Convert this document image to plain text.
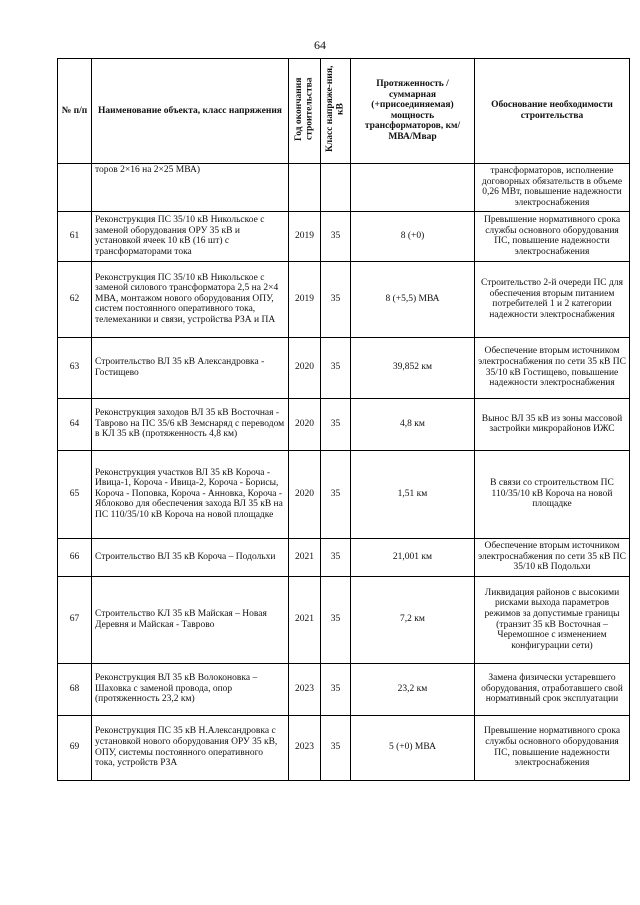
64
№ п/п	Наименование объекта, класс напряжения	Год окончания строительства	Класс напряже-ния, кВ	Протяженность / суммарная (+присоединяемая) мощность трансформаторов, км/МВА/Мвар	Обоснование необходимости строительства
	торов 2×16 на 2×25 МВА)				трансформаторов, исполнение договорных обязательств в объеме 0,26 МВт, повышение надежности электроснабжения
61	Реконструкция ПС 35/10 кВ Никольское с заменой оборудования ОРУ 35 кВ и установкой ячеек 10 кВ (16 шт) с трансформаторами тока	2019	35	8 (+0)	Превышение нормативного срока службы основного оборудования ПС, повышение надежности электроснабжения
62	Реконструкция ПС 35/10 кВ Никольское с заменой силового трансформатора 2,5 на 2×4 МВА, монтажом нового оборудования ОПУ, систем постоянного оперативного тока, телемеханики и связи, устройства РЗА и ПА	2019	35	8 (+5,5) МВА	Строительство 2-й очереди ПС для обеспечения вторым питанием потребителей 1 и 2 категории надежности электроснабжения
63	Строительство ВЛ 35 кВ Александровка - Гостищево	2020	35	39,852 км	Обеспечение вторым источником электроснабжения по сети 35 кВ ПС 35/10 кВ Гостищево, повышение надежности электроснабжения
64	Реконструкция заходов ВЛ 35 кВ Восточная - Таврово на ПС 35/6 кВ Земснаряд с переводом в КЛ 35 кВ (протяженность 4,8 км)	2020	35	4,8 км	Вынос ВЛ 35 кВ из зоны массовой застройки микрорайонов ИЖС
65	Реконструкция участков ВЛ 35 кВ Короча - Ивица-1, Короча - Ивица-2, Короча - Борисы, Короча - Поповка, Короча - Анновка, Короча - Яблоково для обеспечения захода ВЛ 35 кВ на ПС 110/35/10 кВ Короча на новой площадке	2020	35	1,51 км	В связи со строительством ПС 110/35/10 кВ Короча на новой площадке
66	Строительство ВЛ 35 кВ Короча – Подольхи	2021	35	21,001 км	Обеспечение вторым источником электроснабжения по сети 35 кВ ПС 35/10 кВ Подольхи
67	Строительство КЛ 35 кВ Майская – Новая Деревня и Майская - Таврово	2021	35	7,2 км	Ликвидация районов с высокими рисками выхода параметров режимов за допустимые границы (транзит 35 кВ Восточная – Черемошное с изменением конфигурации сети)
68	Реконструкция ВЛ 35 кВ Волоконовка – Шаховка с заменой провода, опор (протяженность 23,2 км)	2023	35	23,2 км	Замена физически устаревшего оборудования, отработавшего свой нормативный срок эксплуатации
69	Реконструкция ПС 35 кВ Н.Александровка с установкой нового оборудования ОРУ 35 кВ, ОПУ, системы постоянного оперативного тока, устройств РЗА	2023	35	5 (+0) МВА	Превышение нормативного срока службы основного оборудования ПС, повышение надежности электроснабжения
